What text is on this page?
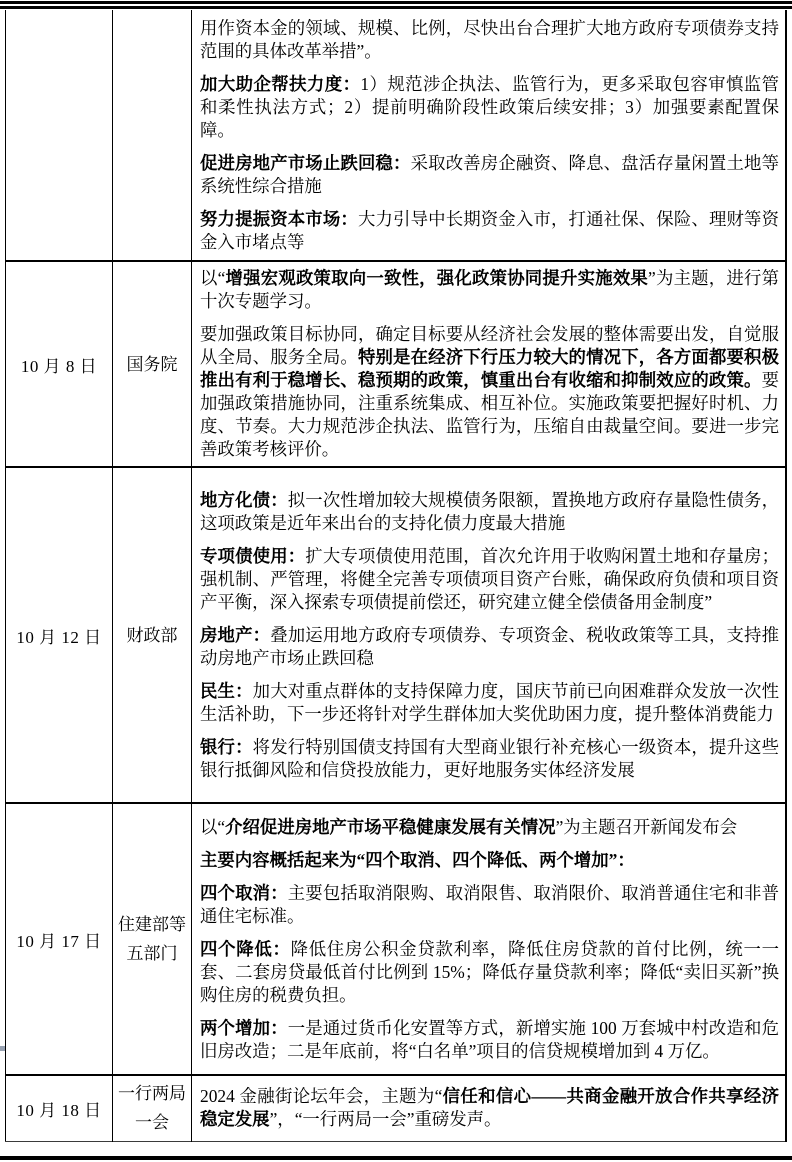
		用作资本金的领域、规模、比例，尽快出台合理扩大地方政府专项债券支持范围的具体改革举措”。

加大助企帮扶力度：1）规范涉企执法、监管行为，更多采取包容审慎监管和柔性执法方式；2）提前明确阶段性政策后续安排；3）加强要素配置保障。

促进房地产市场止跌回稳：采取改善房企融资、降息、盘活存量闲置土地等系统性综合措施

努力提振资本市场：大力引导中长期资金入市，打通社保、保险、理财等资金入市堵点等

10 月 8 日	国务院	以“增强宏观政策取向一致性，强化政策协同提升实施效果”为主题，进行第十次专题学习。

要加强政策目标协同，确定目标要从经济社会发展的整体需要出发，自觉服从全局、服务全局。特别是在经济下行压力较大的情况下，各方面都要积极推出有利于稳增长、稳预期的政策，慎重出台有收缩和抑制效应的政策。要加强政策措施协同，注重系统集成、相互补位。实施政策要把握好时机、力度、节奏。大力规范涉企执法、监管行为，压缩自由裁量空间。要进一步完善政策考核评价。

10 月 12 日	财政部	地方化债：拟一次性增加较大规模债务限额，置换地方政府存量隐性债务，这项政策是近年来出台的支持化债力度最大措施

专项债使用：扩大专项债使用范围，首次允许用于收购闲置土地和存量房；强机制、严管理，将健全完善专项债项目资产台账，确保政府负债和项目资产平衡，深入探索专项债提前偿还，研究建立健全偿债备用金制度”

房地产：叠加运用地方政府专项债券、专项资金、税收政策等工具，支持推动房地产市场止跌回稳

民生：加大对重点群体的支持保障力度，国庆节前已向困难群众发放一次性生活补助，下一步还将针对学生群体加大奖优助困力度，提升整体消费能力

银行：将发行特别国债支持国有大型商业银行补充核心一级资本，提升这些银行抵御风险和信贷投放能力，更好地服务实体经济发展

10 月 17 日	住建部等五部门	以“介绍促进房地产市场平稳健康发展有关情况”为主题召开新闻发布会

主要内容概括起来为“四个取消、四个降低、两个增加”：

四个取消：主要包括取消限购、取消限售、取消限价、取消普通住宅和非普通住宅标准。

四个降低：降低住房公积金贷款利率，降低住房贷款的首付比例，统一一套、二套房贷最低首付比例到 15%；降低存量贷款利率；降低“卖旧买新”换购住房的税费负担。

两个增加：一是通过货币化安置等方式，新增实施 100 万套城中村改造和危旧房改造；二是年底前，将“白名单”项目的信贷规模增加到 4 万亿。

10 月 18 日	一行两局一会	2024 金融街论坛年会，主题为“信任和信心——共商金融开放合作共享经济稳定发展”，“一行两局一会”重磅发声。
